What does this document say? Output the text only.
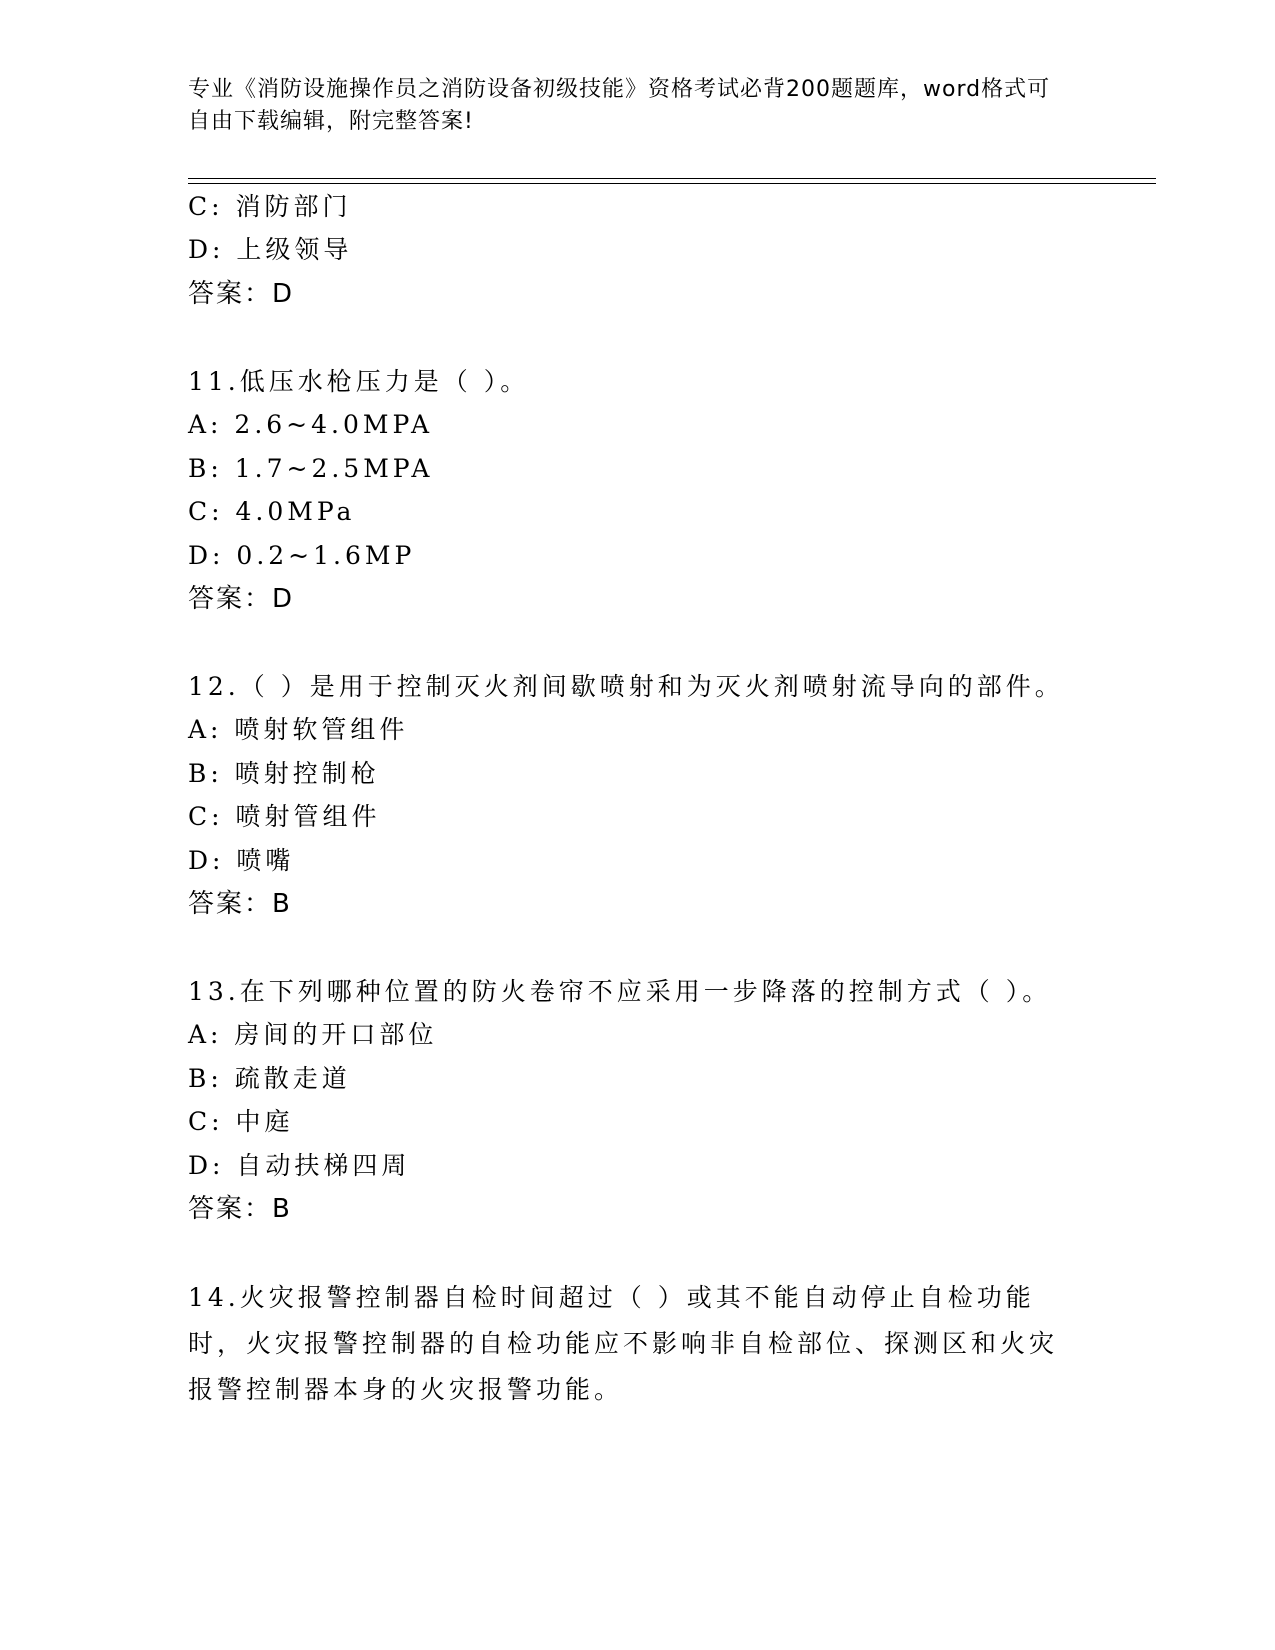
专业《消防设施操作员之消防设备初级技能》资格考试必背200题题库，word格式可自由下载编辑，附完整答案!

C: 消防部门
D: 上级领导
答案：D
11.低压水枪压力是（ ）。
A: 2.6~4.0MPA
B: 1.7~2.5MPA
C: 4.0MPa
D: 0.2~1.6MP
答案：D
12.（ ）是用于控制灭火剂间歇喷射和为灭火剂喷射流导向的部件。
A: 喷射软管组件
B: 喷射控制枪
C: 喷射管组件
D: 喷嘴
答案：B
13.在下列哪种位置的防火卷帘不应采用一步降落的控制方式（ ）。
A: 房间的开口部位
B: 疏散走道
C: 中庭
D: 自动扶梯四周
答案：B

14.火灾报警控制器自检时间超过（ ）或其不能自动停止自检功能时，火灾报警控制器的自检功能应不影响非自检部位、探测区和火灾报警控制器本身的火灾报警功能。
